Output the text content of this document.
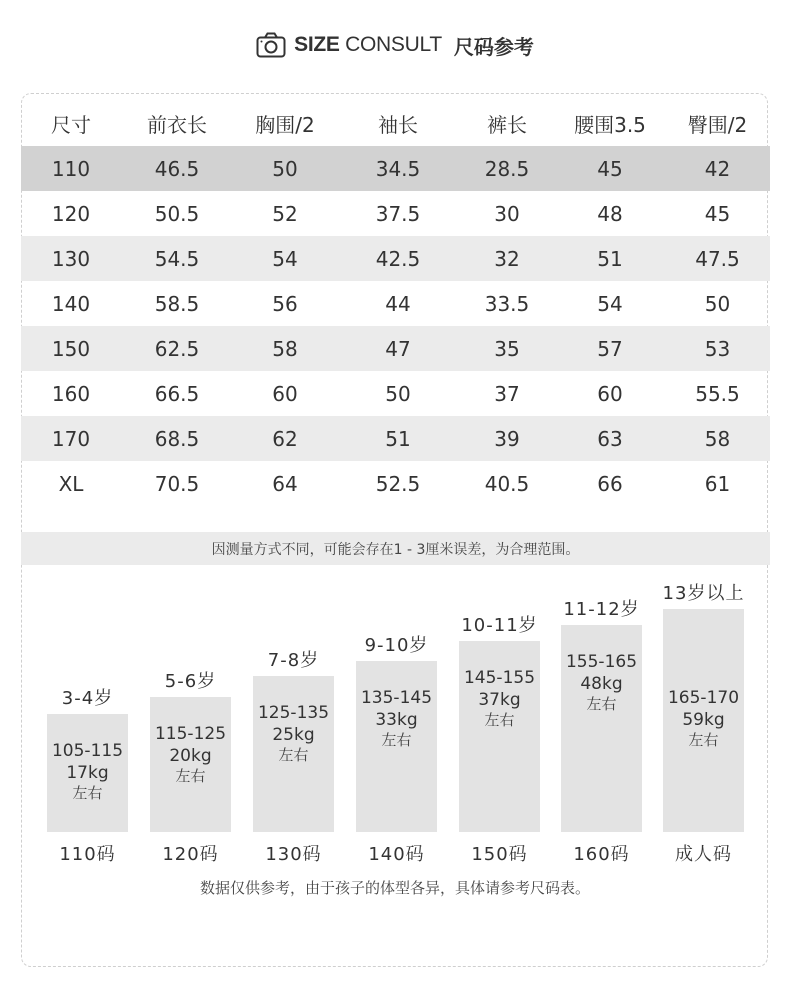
SIZE CONSULT 尺码参考
尺寸	前衣长	胸围/2	袖长	裤长	腰围3.5	臀围/2
110	46.5	50	34.5	28.5	45	42
120	50.5	52	37.5	30	48	45
130	54.5	54	42.5	32	51	47.5
140	58.5	56	44	33.5	54	50
150	62.5	58	47	35	57	53
160	66.5	60	50	37	60	55.5
170	68.5	62	51	39	63	58
XL	70.5	64	52.5	40.5	66	61
因测量方式不同，可能会存在1 - 3厘米误差，为合理范围。
3-4岁
105-115
17kg
左右
110码
5-6岁
115-125
20kg
左右
120码
7-8岁
125-135
25kg
左右
130码
9-10岁
135-145
33kg
左右
140码
10-11岁
145-155
37kg
左右
150码
11-12岁
155-165
48kg
左右
160码
13岁以上
165-170
59kg
左右
成人码
数据仅供参考，由于孩子的体型各异，具体请参考尺码表。
